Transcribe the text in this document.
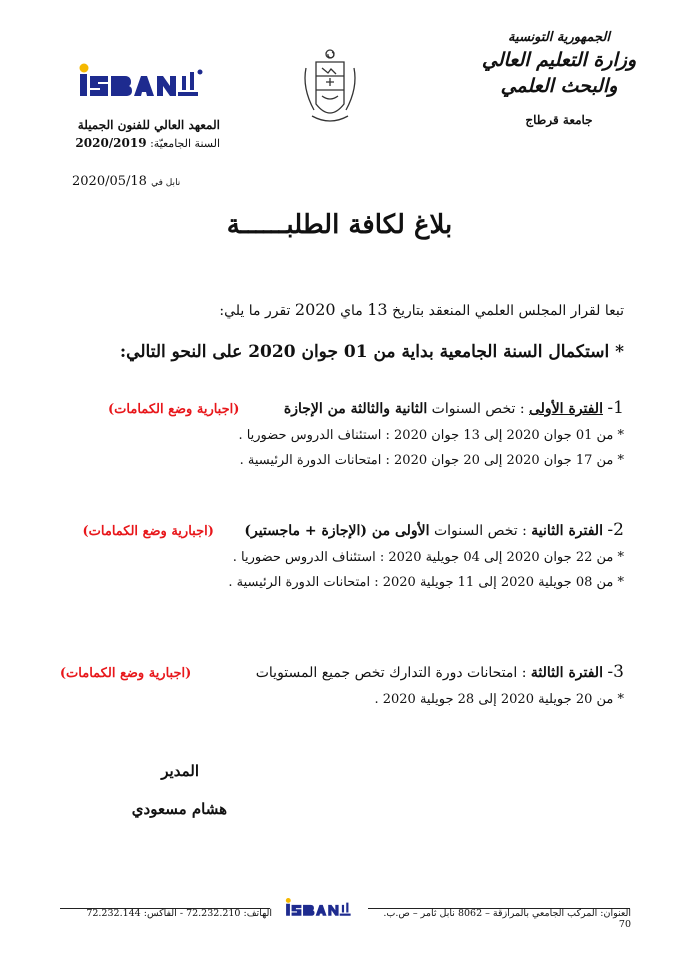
الجمهورية التونسية
وزارة التعليم العالي
والبحث العلمي
جامعة قرطاج
المعهد العالي للفنون الجميلة
السنة الجامعيّة: 2020/2019
نابل في 2020/05/18
بلاغ لكافة الطلبــــــة
تبعا لقرار المجلس العلمي المنعقد بتاريخ 13 ماي 2020 تقرر ما يلي:
* استكمال السنة الجامعية بداية من 01 جوان 2020 على النحو التالي:
1- الفترة الأولى : تخص السنوات الثانية والثالثة من الإجازة (اجبارية وضع الكمامات)
* من 01 جوان 2020 إلى 13 جوان 2020 : استئناف الدروس حضوريا .
* من 17 جوان 2020 إلى 20 جوان 2020 : امتحانات الدورة الرئيسية .
2- الفترة الثانية : تخص السنوات الأولى من (الإجازة + ماجستير) (اجبارية وضع الكمامات)
* من 22 جوان 2020 إلى 04 جويلية 2020 : استئناف الدروس حضوريا .
* من 08 جويلية 2020 إلى 11 جويلية 2020 : امتحانات الدورة الرئيسية .
3- الفترة الثالثة : امتحانات دورة التدارك تخص جميع المستويات (اجبارية وضع الكمامات)
* من 20 جويلية 2020 إلى 28 جويلية 2020 .
المدير
هشام مسعودي
العنوان: المركب الجامعي بالمرازقة – 8062 نابل ثامر – ص.ب. 70
الهاتف: 72.232.210 - الفاكس: 72.232.144
